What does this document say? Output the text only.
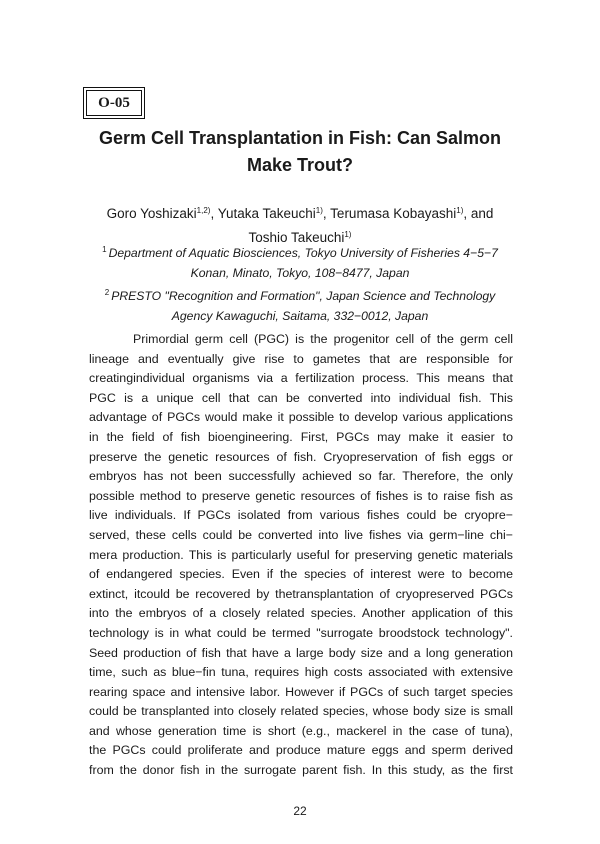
O-05
Germ Cell Transplantation in Fish: Can Salmon
Make Trout?
Goro Yoshizaki$^{1,2)}$, Yutaka Takeuchi$^{1)}$, Terumasa Kobayashi$^{1)}$, and
Toshio Takeuchi$^{1)}$
$^1$ Department of Aquatic Biosciences, Tokyo University of Fisheries 4−5−7
Konan, Minato, Tokyo, 108−8477, Japan
$^2$ PRESTO "Recognition and Formation", Japan Science and Technology
Agency Kawaguchi, Saitama, 332−0012, Japan
Primordial germ cell (PGC) is the progenitor cell of the germ cell
lineage and eventually give rise to gametes that are responsible for
creatingindividual organisms via a fertilization process. This means that
PGC is a unique cell that can be converted into individual fish. This
advantage of PGCs would make it possible to develop various applications
in the field of fish bioengineering. First, PGCs may make it easier to
preserve the genetic resources of fish. Cryopreservation of fish eggs or
embryos has not been successfully achieved so far. Therefore, the only
possible method to preserve genetic resources of fishes is to raise fish as
live individuals. If PGCs isolated from various fishes could be cryopre−
served, these cells could be converted into live fishes via germ−line chi−
mera production. This is particularly useful for preserving genetic materials
of endangered species. Even if the species of interest were to become
extinct, itcould be recovered by thetransplantation of cryopreserved PGCs
into the embryos of a closely related species. Another application of this
technology is in what could be termed "surrogate broodstock technology".
Seed production of fish that have a large body size and a long generation
time, such as blue−fin tuna, requires high costs associated with extensive
rearing space and intensive labor. However if PGCs of such target species
could be transplanted into closely related species, whose body size is small
and whose generation time is short (e.g., mackerel in the case of tuna),
the PGCs could proliferate and produce mature eggs and sperm derived
from the donor fish in the surrogate parent fish. In this study, as the first
22
